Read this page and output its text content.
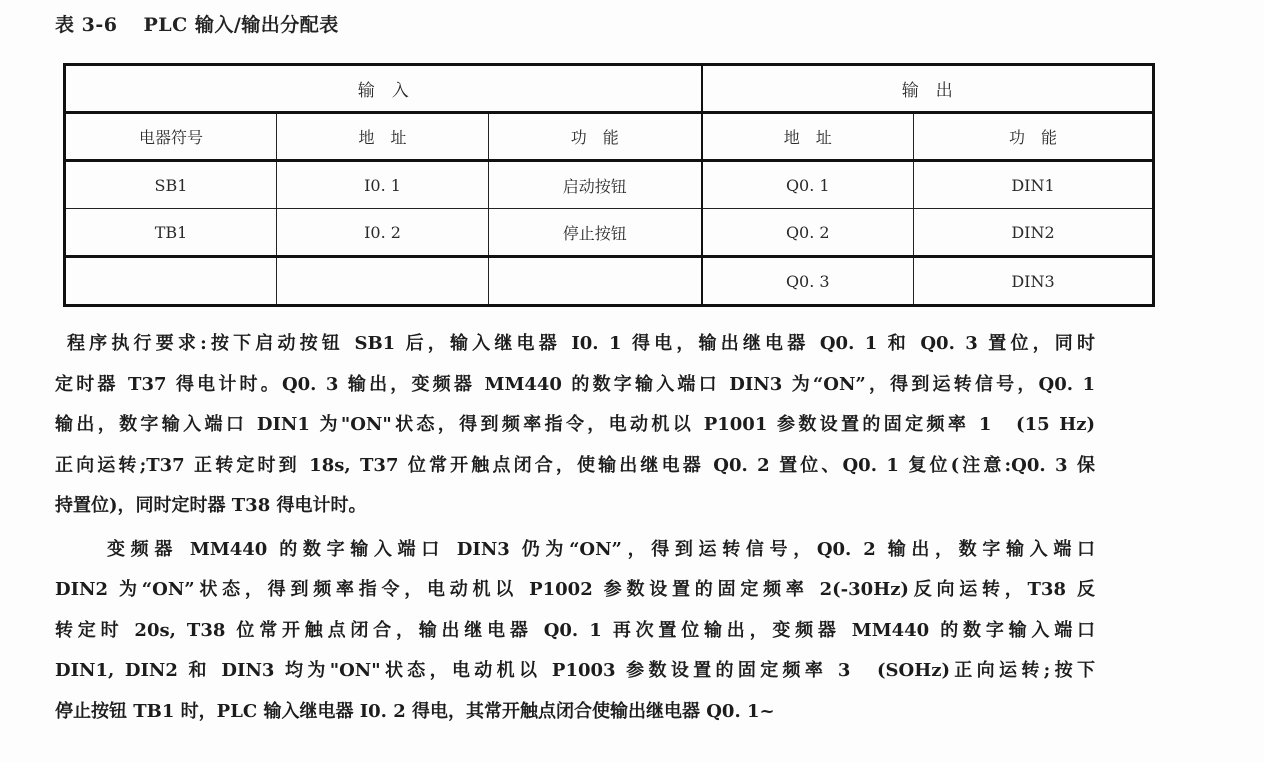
表 3-6 PLC 输入/输出分配表
输　入			输　出	
电器符号	地　址	功　能	地　址	功　能
SB1	I0. 1	启动按钮	Q0. 1	DIN1
TB1	I0. 2	停止按钮	Q0. 2	DIN2
			Q0. 3	DIN3
程序执行要求:按下启动按钮 SB1 后，输入继电器 I0. 1 得电，输出继电器 Q0. 1 和 Q0. 3 置位，同时
定时器 T37 得电计时。Q0. 3 输出，变频器 MM440 的数字输入端口 DIN3 为“ON”，得到运转信号，Q0. 1
输出，数字输入端口 DIN1 为"ON"状态，得到频率指令，电动机以 P1001 参数设置的固定频率 1　(15 Hz)
正向运转;T37 正转定时到 18s, T37 位常开触点闭合，使输出继电器 Q0. 2 置位、Q0. 1 复位(注意:Q0. 3 保
持置位)，同时定时器 T38 得电计时。
变频器 MM440 的数字输入端口 DIN3 仍为“ON”，得到运转信号，Q0. 2 输出，数字输入端口
DIN2 为“ON”状态，得到频率指令，电动机以 P1002 参数设置的固定频率 2(-30Hz)反向运转，T38 反
转定时 20s, T38 位常开触点闭合，输出继电器 Q0. 1 再次置位输出，变频器 MM440 的数字输入端口
DIN1, DIN2 和 DIN3 均为"ON"状态，电动机以 P1003 参数设置的固定频率 3　(SOHz)正向运转;按下
停止按钮 TB1 时，PLC 输入继电器 I0. 2 得电，其常开触点闭合使输出继电器 Q0. 1~
